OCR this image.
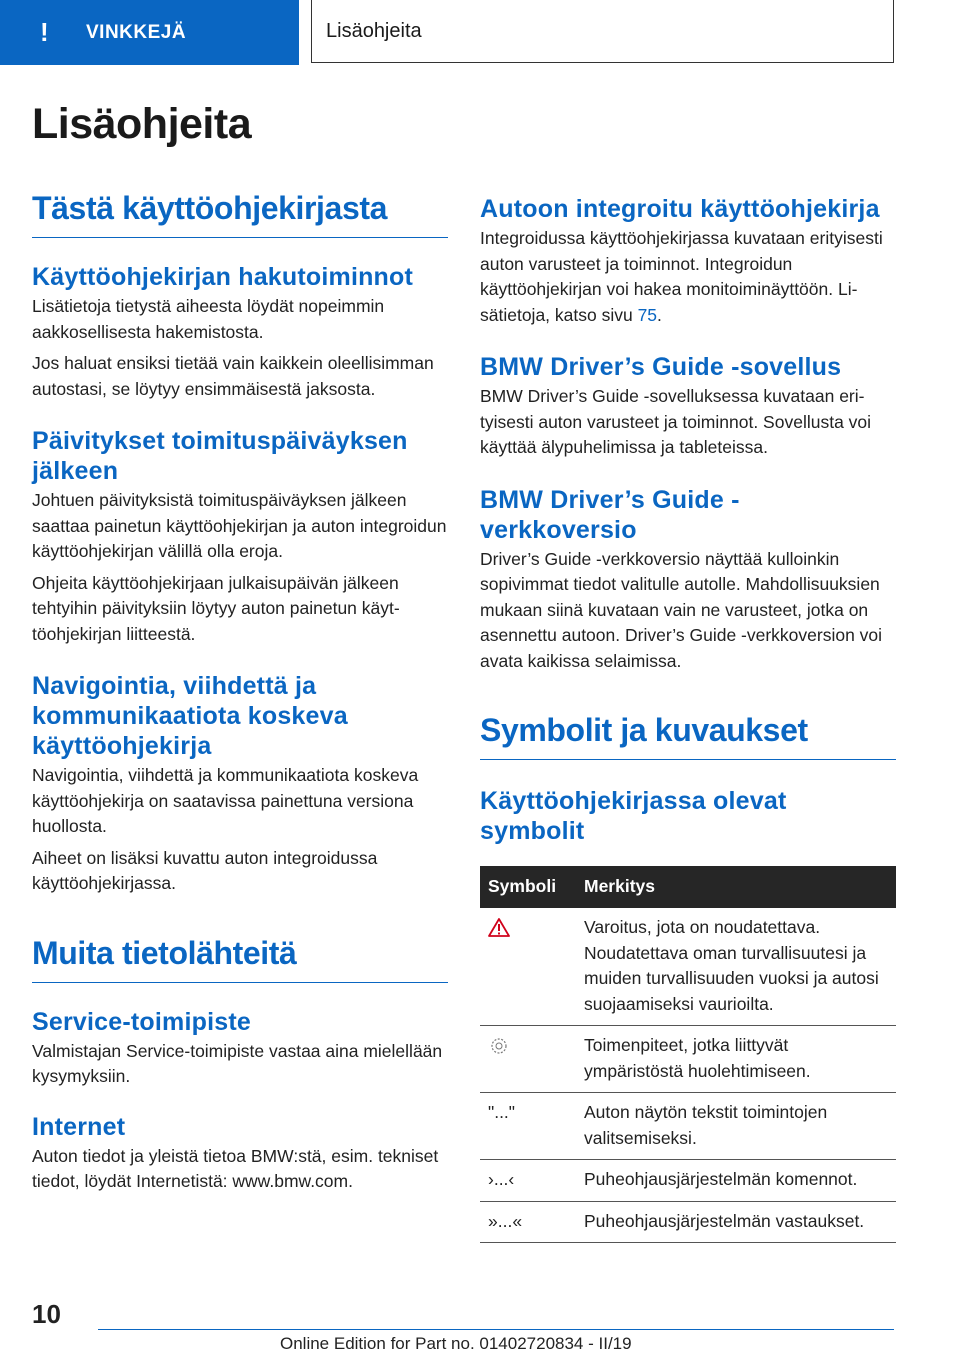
! VINKKEJÄ	Lisäohjeita
Lisäohjeita
Tästä käyttöohjekirjasta
Käyttöohjekirjan hakutoiminnot

Lisätietoja tietystä aiheesta löydät nopeimmin aakkosellisesta hakemistosta.

Jos haluat ensiksi tietää vain kaikkein oleellisimman autostasi, se löytyy ensimmäisestä jaksosta.

Päivitykset toimituspäiväyksen jälkeen

Johtuen päivityksistä toimituspäiväyksen jälkeen saattaa painetun käyttöohjekirjan ja auton integroidun käyttöohjekirjan välillä olla eroja.

Ohjeita käyttöohjekirjaan julkaisupäivän jälkeen tehtyihin päivityksiin löytyy auton painetun käyttöohjekirjan liitteestä.

Navigointia, viihdettä ja kommunikaatiota koskeva käyttöohjekirja

Navigointia, viihdettä ja kommunikaatiota koskeva käyttöohjekirja on saatavissa painettuna versiona huollosta.

Aiheet on lisäksi kuvattu auton integroidussa käyttöohjekirjassa.

Muita tietolähteitä
Service-toimipiste

Valmistajan Service-toimipiste vastaa aina mielellään kysymyksiin.

Internet

Auton tiedot ja yleistä tietoa BMW:stä, esim. tekniset tiedot, löydät Internetistä: www.bmw.com.

Autoon integroitu käyttöohjekirja

Integroidussa käyttöohjekirjassa kuvataan erityisesti auton varusteet ja toiminnot. Integroidun käyttöohjekirjan voi hakea monitoiminäyttöön. Lisätietoja, katso sivu 75.

BMW Driver’s Guide -sovellus

BMW Driver’s Guide -sovelluksessa kuvataan erityisesti auton varusteet ja toiminnot. Sovellusta voi käyttää älypuhelimissa ja tableteissa.

BMW Driver’s Guide - verkkoversio

Driver’s Guide -verkkoversio näyttää kulloinkin sopivimmat tiedot valitulle autolle. Mahdollisuuksien mukaan siinä kuvataan vain ne varusteet, jotka on asennettu autoon. Driver’s Guide -verkkoversion voi avata kaikissa selaimissa.

Symbolit ja kuvaukset
Käyttöohjekirjassa olevat symbolit
Symboli	Merkitys
	Varoitus, jota on noudatettava. Noudatettava oman turvallisuutesi ja muiden turvallisuuden vuoksi ja autosi suojaamiseksi vaurioilta.
	Toimenpiteet, jotka liittyvät ympäristöstä huolehtimiseen.
"..."	Auton näytön tekstit toimintojen valitsemiseksi.
›...‹	Puheohjausjärjestelmän komennot.
»...«	Puheohjausjärjestelmän vastaukset.

10

Online Edition for Part no. 01402720834 - II/19
